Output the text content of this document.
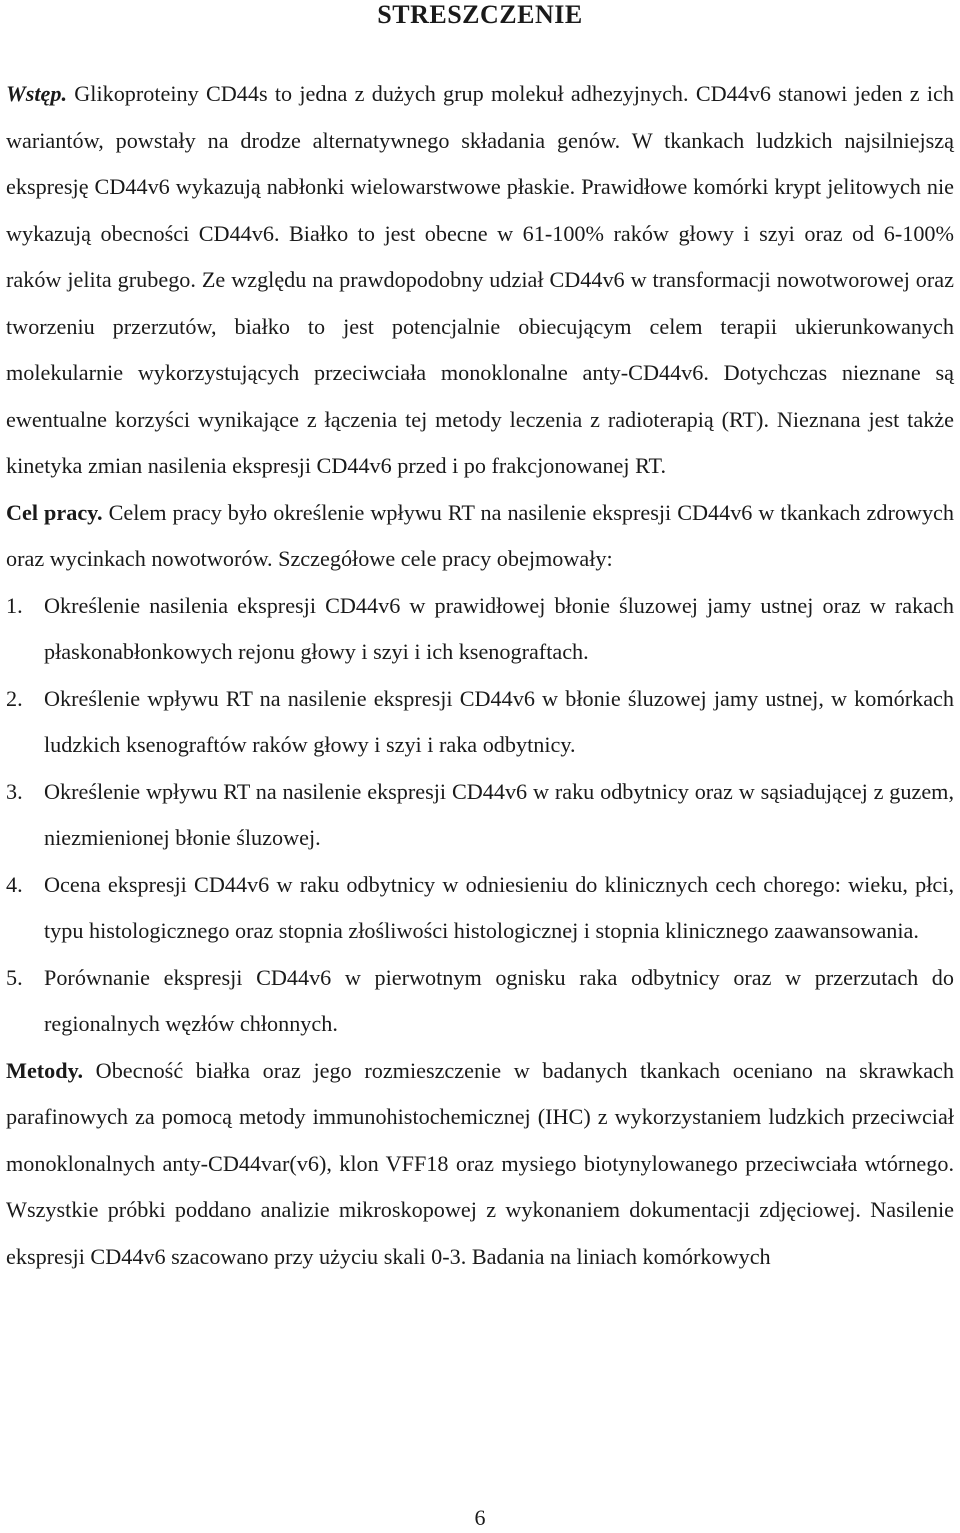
STRESZCZENIE

Wstęp. Glikoproteiny CD44s to jedna z dużych grup molekuł adhezyjnych. CD44v6 stanowi jeden z ich wariantów, powstały na drodze alternatywnego składania genów. W tkankach ludzkich najsilniejszą ekspresję CD44v6 wykazują nabłonki wielowarstwowe płaskie. Prawidłowe komórki krypt jelitowych nie wykazują obecności CD44v6. Białko to jest obecne w 61-100% raków głowy i szyi oraz od 6-100% raków jelita grubego. Ze względu na prawdopodobny udział CD44v6 w transformacji nowotworowej oraz tworzeniu przerzutów, białko to jest potencjalnie obiecującym celem terapii ukierunkowanych molekularnie wykorzystujących przeciwciała monoklonalne anty-CD44v6. Dotychczas nieznane są ewentualne korzyści wynikające z łączenia tej metody leczenia z radioterapią (RT). Nieznana jest także kinetyka zmian nasilenia ekspresji CD44v6 przed i po frakcjonowanej RT.

Cel pracy. Celem pracy było określenie wpływu RT na nasilenie ekspresji CD44v6 w tkankach zdrowych oraz wycinkach nowotworów. Szczegółowe cele pracy obejmowały:

1. Określenie nasilenia ekspresji CD44v6 w prawidłowej błonie śluzowej jamy ustnej oraz w rakach płaskonabłonkowych rejonu głowy i szyi i ich ksenograftach.
2. Określenie wpływu RT na nasilenie ekspresji CD44v6 w błonie śluzowej jamy ustnej, w komórkach ludzkich ksenograftów raków głowy i szyi i raka odbytnicy.
3. Określenie wpływu RT na nasilenie ekspresji CD44v6 w raku odbytnicy oraz w sąsiadującej z guzem, niezmienionej błonie śluzowej.
4. Ocena ekspresji CD44v6 w raku odbytnicy w odniesieniu do klinicznych cech chorego: wieku, płci, typu histologicznego oraz stopnia złośliwości histologicznej i stopnia klinicznego zaawansowania.
5. Porównanie ekspresji CD44v6 w pierwotnym ognisku raka odbytnicy oraz w przerzutach do regionalnych węzłów chłonnych.

Metody. Obecność białka oraz jego rozmieszczenie w badanych tkankach oceniano na skrawkach parafinowych za pomocą metody immunohistochemicznej (IHC) z wykorzystaniem ludzkich przeciwciał monoklonalnych anty-CD44var(v6), klon VFF18 oraz mysiego biotynylowanego przeciwciała wtórnego. Wszystkie próbki poddano analizie mikroskopowej z wykonaniem dokumentacji zdjęciowej. Nasilenie ekspresji CD44v6 szacowano przy użyciu skali 0-3. Badania na liniach komórkowych

6
